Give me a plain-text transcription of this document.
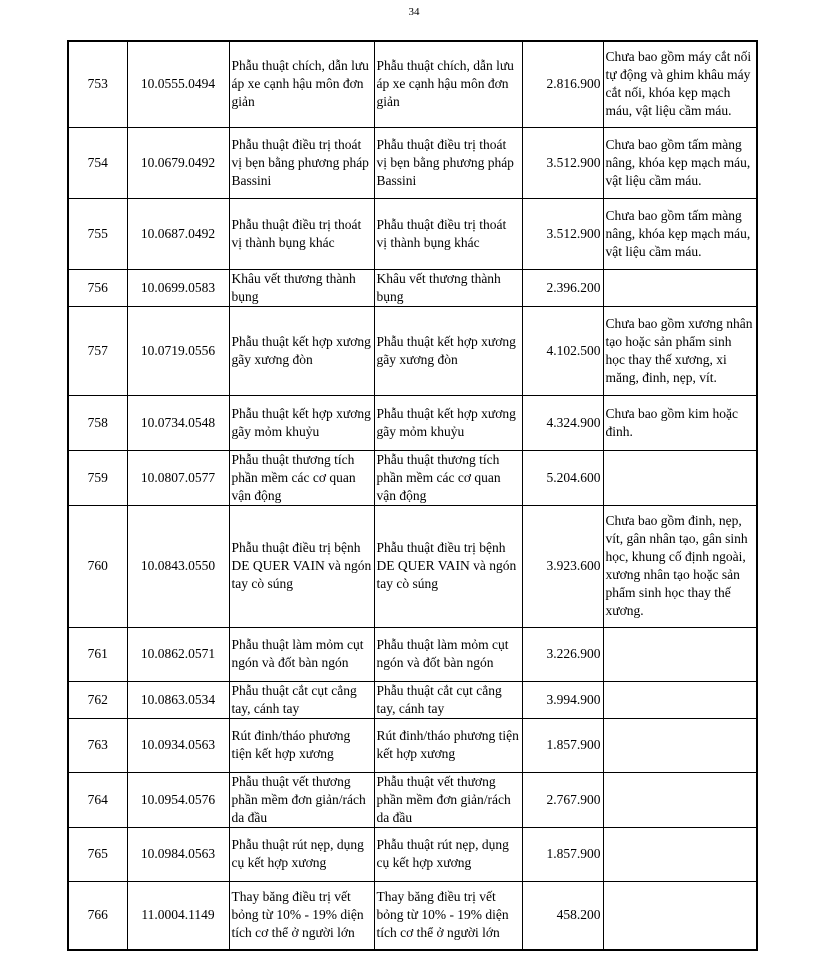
34
753	10.0555.0494	Phẫu thuật chích, dẫn lưu áp xe cạnh hậu môn đơn giản	Phẫu thuật chích, dẫn lưu áp xe cạnh hậu môn đơn giản	2.816.900	Chưa bao gồm máy cắt nối tự động và ghim khâu máy cắt nối, khóa kẹp mạch máu, vật liệu cầm máu.
754	10.0679.0492	Phẫu thuật điều trị thoát vị bẹn bằng phương pháp Bassini	Phẫu thuật điều trị thoát vị bẹn bằng phương pháp Bassini	3.512.900	Chưa bao gồm tấm màng nâng, khóa kẹp mạch máu, vật liệu cầm máu.
755	10.0687.0492	Phẫu thuật điều trị thoát vị thành bụng khác	Phẫu thuật điều trị thoát vị thành bụng khác	3.512.900	Chưa bao gồm tấm màng nâng, khóa kẹp mạch máu, vật liệu cầm máu.
756	10.0699.0583	Khâu vết thương thành bụng	Khâu vết thương thành bụng	2.396.200	
757	10.0719.0556	Phẫu thuật kết hợp xương gãy xương đòn	Phẫu thuật kết hợp xương gãy xương đòn	4.102.500	Chưa bao gồm xương nhân tạo hoặc sản phẩm sinh học thay thế xương, xi măng, đinh, nẹp, vít.
758	10.0734.0548	Phẫu thuật kết hợp xương gãy mỏm khuỷu	Phẫu thuật kết hợp xương gãy mỏm khuỷu	4.324.900	Chưa bao gồm kim hoặc đinh.
759	10.0807.0577	Phẫu thuật thương tích phần mềm các cơ quan vận động	Phẫu thuật thương tích phần mềm các cơ quan vận động	5.204.600	
760	10.0843.0550	Phẫu thuật điều trị bệnh DE QUER VAIN và ngón tay cò súng	Phẫu thuật điều trị bệnh DE QUER VAIN và ngón tay cò súng	3.923.600	Chưa bao gồm đinh, nẹp, vít, gân nhân tạo, gân sinh học, khung cố định ngoài, xương nhân tạo hoặc sản phẩm sinh học thay thế xương.
761	10.0862.0571	Phẫu thuật làm mỏm cụt ngón và đốt bàn ngón	Phẫu thuật làm mỏm cụt ngón và đốt bàn ngón	3.226.900	
762	10.0863.0534	Phẫu thuật cắt cụt cẳng tay, cánh tay	Phẫu thuật cắt cụt cẳng tay, cánh tay	3.994.900	
763	10.0934.0563	Rút đinh/tháo phương tiện kết hợp xương	Rút đinh/tháo phương tiện kết hợp xương	1.857.900	
764	10.0954.0576	Phẫu thuật vết thương phần mềm đơn giản/rách da đầu	Phẫu thuật vết thương phần mềm đơn giản/rách da đầu	2.767.900	
765	10.0984.0563	Phẫu thuật rút nẹp, dụng cụ kết hợp xương	Phẫu thuật rút nẹp, dụng cụ kết hợp xương	1.857.900	
766	11.0004.1149	Thay băng điều trị vết bỏng từ 10% - 19% diện tích cơ thể ở người lớn	Thay băng điều trị vết bỏng từ 10% - 19% diện tích cơ thể ở người lớn	458.200	
